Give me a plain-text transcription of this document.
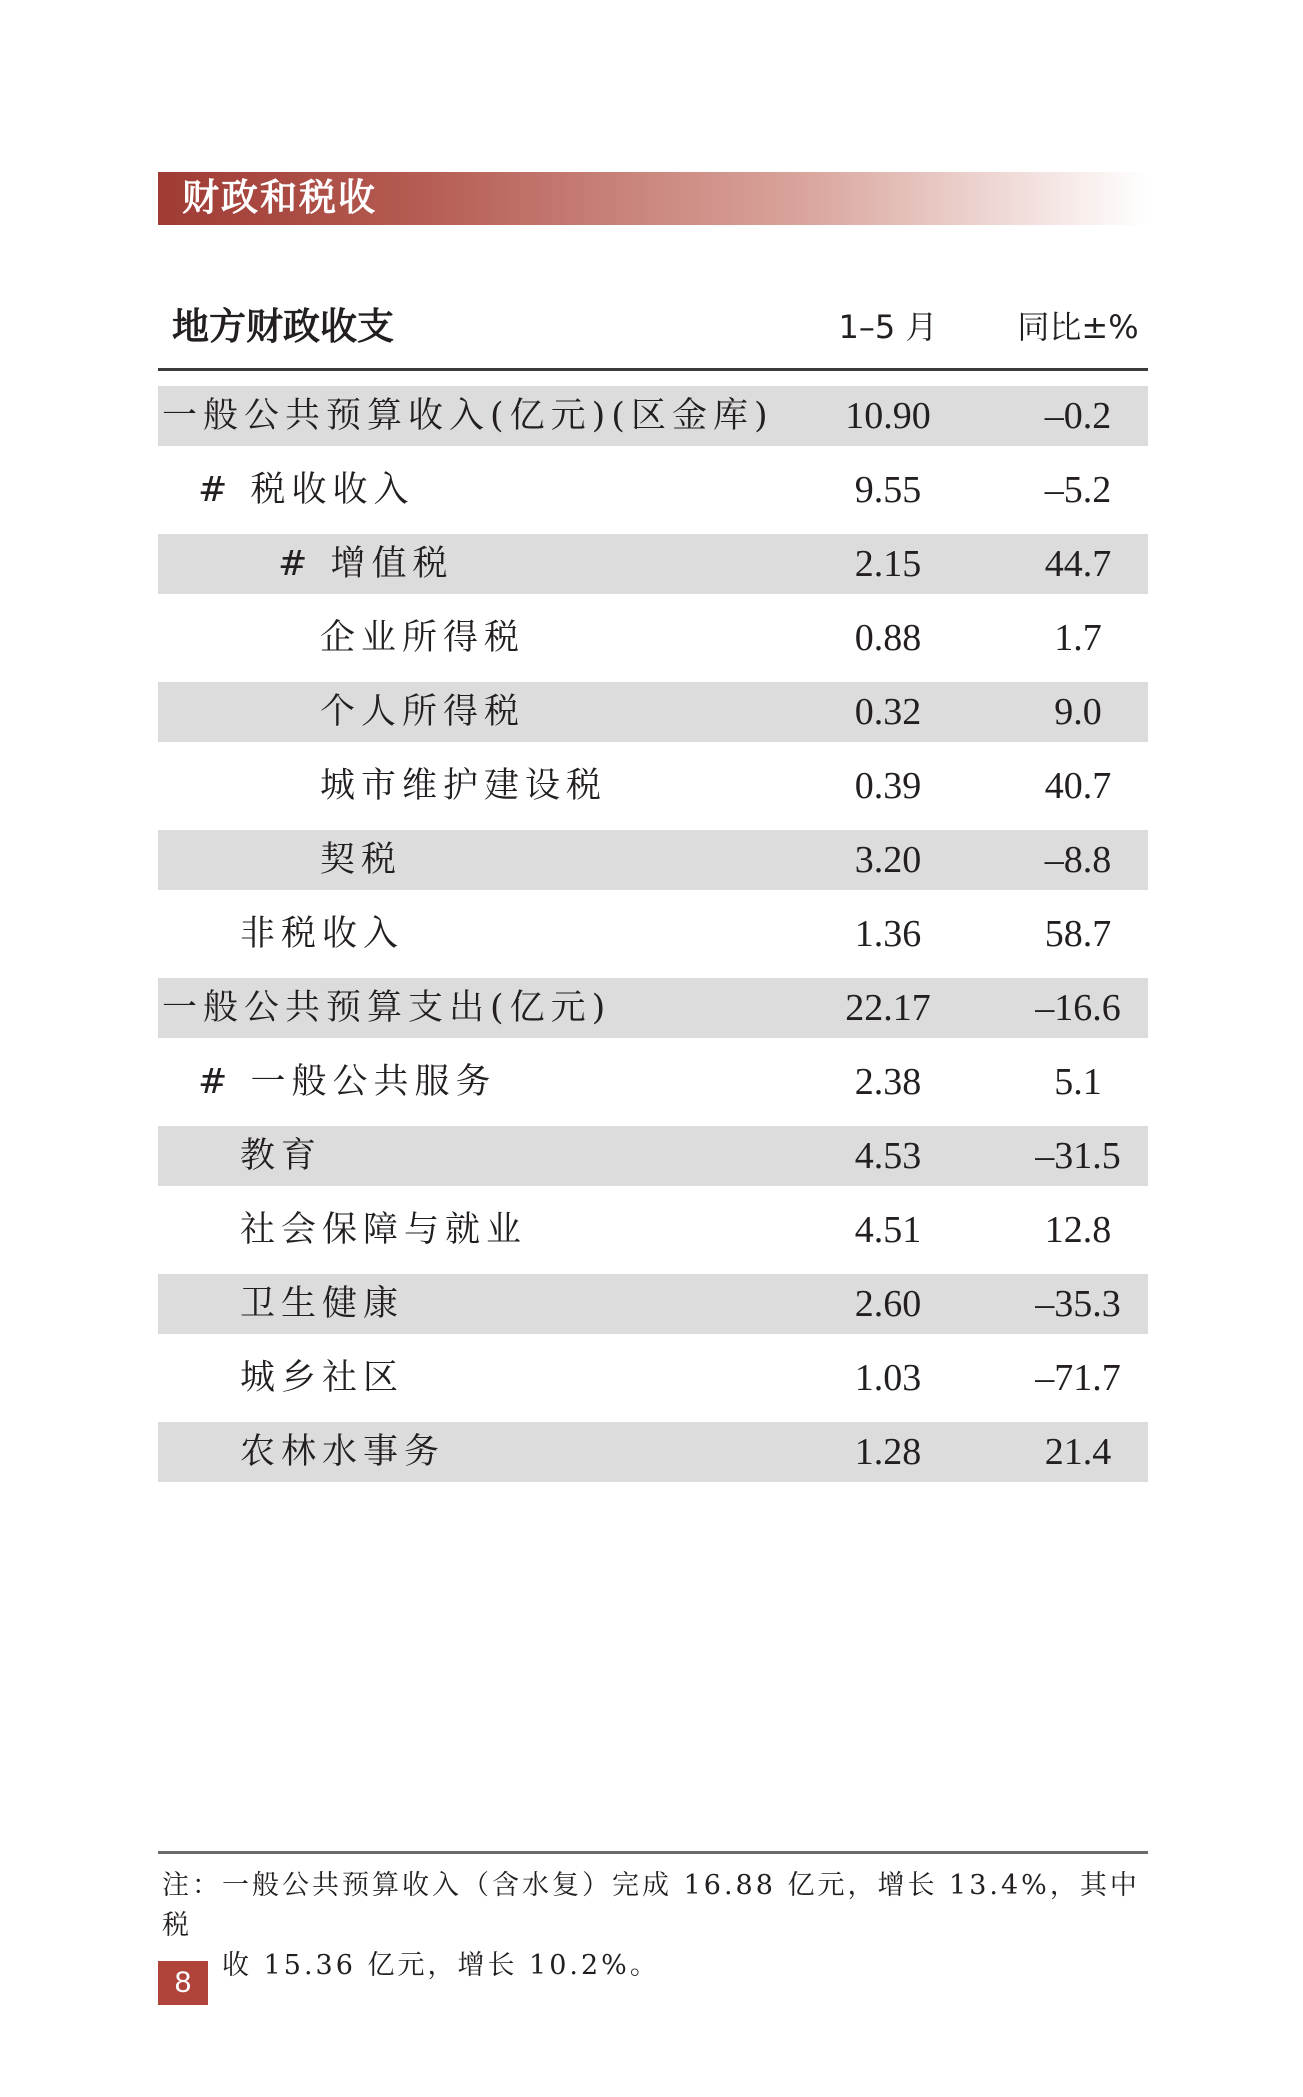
财政和税收
地方财政收支	1–5 月	同比±%
一般公共预算收入(亿元)(区金库)	10.90	–0.2
# 税收收入	9.55	–5.2
# 增值税	2.15	44.7
企业所得税	0.88	1.7
个人所得税	0.32	9.0
城市维护建设税	0.39	40.7
契税	3.20	–8.8
非税收入	1.36	58.7
一般公共预算支出(亿元)	22.17	–16.6
# 一般公共服务	2.38	5.1
教育	4.53	–31.5
社会保障与就业	4.51	12.8
卫生健康	2.60	–35.3
城乡社区	1.03	–71.7
农林水事务	1.28	21.4
注：一般公共预算收入（含水复）完成 16.88 亿元，增长 13.4%，其中税
收 15.36 亿元，增长 10.2%。
8
